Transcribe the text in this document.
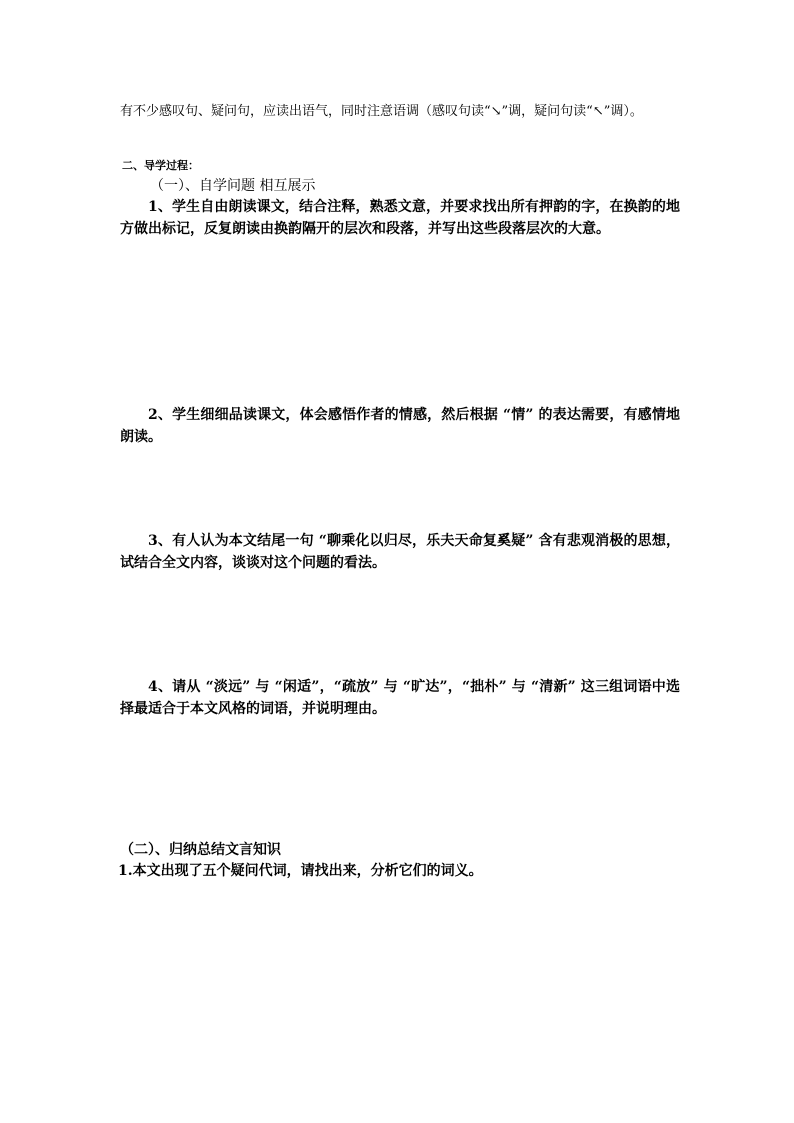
有不少感叹句、疑问句，应读出语气，同时注意语调（感叹句读“↘”调，疑问句读“↖”调）。
二、导学过程：
（一）、自学问题 相互展示
1、学生自由朗读课文，结合注释，熟悉文意，并要求找出所有押韵的字，在换韵的地方做出标记，反复朗读由换韵隔开的层次和段落，并写出这些段落层次的大意。
2、学生细细品读课文，体会感悟作者的情感，然后根据 “情” 的表达需要，有感情地朗读。
3、有人认为本文结尾一句 “聊乘化以归尽，乐夫天命复奚疑” 含有悲观消极的思想，试结合全文内容，谈谈对这个问题的看法。
4、请从 “淡远” 与 “闲适”，“疏放” 与 “旷达”，“拙朴” 与 “清新” 这三组词语中选择最适合于本文风格的词语，并说明理由。
（二）、归纳总结文言知识
1.本文出现了五个疑问代词，请找出来，分析它们的词义。
